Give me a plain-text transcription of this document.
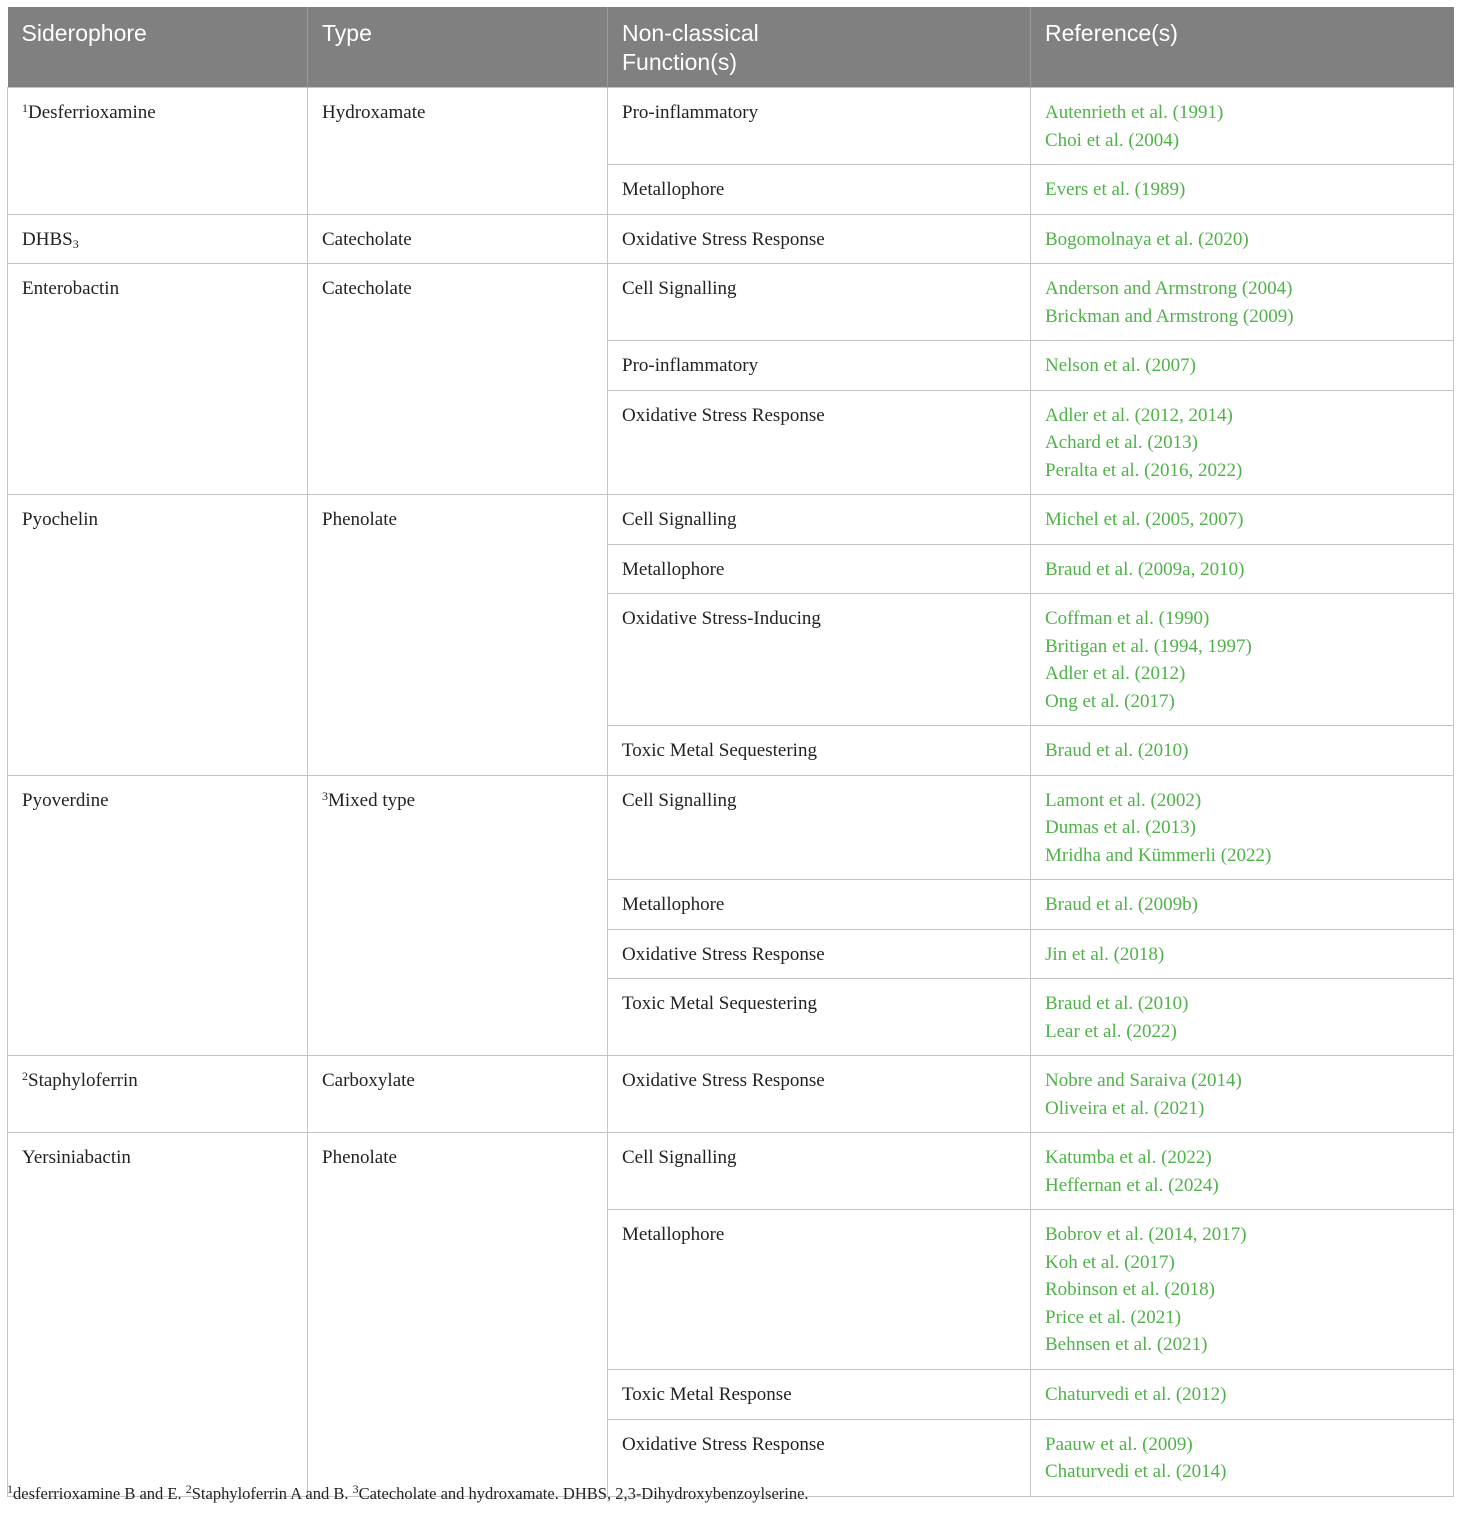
Siderophore	Type	Non-classical Function(s)	Reference(s)
$^1$Desferrioxamine	Hydroxamate	Pro-inflammatory	Autenrieth et al. (1991)
Choi et al. (2004)

		Metallophore	Evers et al. (1989)

$DHBS_3$	Catecholate	Oxidative Stress Response	Bogomolnaya et al. (2020)

Enterobactin	Catecholate	Cell Signalling	Anderson and Armstrong (2004)
Brickman and Armstrong (2009)

		Pro-inflammatory	Nelson et al. (2007)

		Oxidative Stress Response	Adler et al. (2012, 2014)
Achard et al. (2013)
Peralta et al. (2016, 2022)

Pyochelin	Phenolate	Cell Signalling	Michel et al. (2005, 2007)

		Metallophore	Braud et al. (2009a, 2010)

		Oxidative Stress-Inducing	Coffman et al. (1990)
Britigan et al. (1994, 1997)
Adler et al. (2012)
Ong et al. (2017)

		Toxic Metal Sequestering	Braud et al. (2010)

Pyoverdine	$^3$Mixed type	Cell Signalling	Lamont et al. (2002)
Dumas et al. (2013)
Mridha and Kümmerli (2022)

		Metallophore	Braud et al. (2009b)

		Oxidative Stress Response	Jin et al. (2018)

		Toxic Metal Sequestering	Braud et al. (2010)
Lear et al. (2022)

$^2$Staphyloferrin	Carboxylate	Oxidative Stress Response	Nobre and Saraiva (2014)
Oliveira et al. (2021)

Yersiniabactin	Phenolate	Cell Signalling	Katumba et al. (2022)
Heffernan et al. (2024)

		Metallophore	Bobrov et al. (2014, 2017)
Koh et al. (2017)
Robinson et al. (2018)
Price et al. (2021)
Behnsen et al. (2021)

		Toxic Metal Response	Chaturvedi et al. (2012)

		Oxidative Stress Response	Paauw et al. (2009)
Chaturvedi et al. (2014)
$^1$desferrioxamine B and E. $^2$Staphyloferrin A and B. $^3$Catecholate and hydroxamate. DHBS, 2,3-Dihydroxybenzoylserine.
